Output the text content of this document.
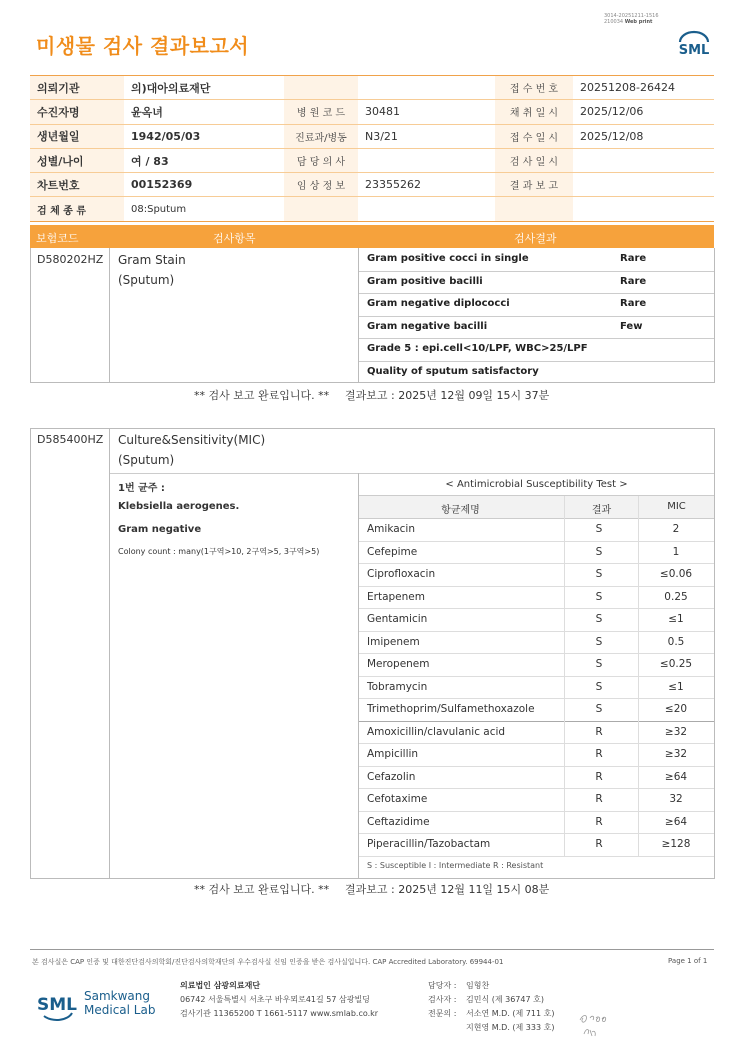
미생물 검사 결과보고서
3014-20251211-1516
210034 Web print
SML
의뢰기관	의)대아의료재단			접 수 번 호	20251208-26424
수진자명	윤옥녀	병 원 코 드	30481	채 취 일 시	2025/12/06
생년월일	1942/05/03	진료과/병동	N3/21	접 수 일 시	2025/12/08
성별/나이	여 / 83	담 당 의 사		검 사 일 시	
차트번호	00152369	임 상 정 보	23355262	결 과 보 고	
검 체 종 류	08:Sputum				
보험코드	검사항목	검사결과
D580202HZ Gram Stain
(Sputum)
Gram positive cocci in single	Rare
Gram positive bacilli	Rare
Gram negative diplococci	Rare
Gram negative bacilli	Few
Grade 5 : epi.cell<10/LPF, WBC>25/LPF
Quality of sputum satisfactory
** 검사 보고 완료입니다. ** 결과보고 : 2025년 12월 09일 15시 37분
D585400HZ Culture&Sensitivity(MIC)
(Sputum)
1번 균주 :
Klebsiella aerogenes.
Gram negative
Colony count : many(1구역>10, 2구역>5, 3구역>5)
< Antimicrobial Susceptibility Test >
항균제명	결과	MIC
Amikacin	S	2
Cefepime	S	1
Ciprofloxacin	S	≤0.06
Ertapenem	S	0.25
Gentamicin	S	≤1
Imipenem	S	0.5
Meropenem	S	≤0.25
Tobramycin	S	≤1
Trimethoprim/Sulfamethoxazole	S	≤20
Amoxicillin/clavulanic acid	R	≥32
Ampicillin	R	≥32
Cefazolin	R	≥64
Cefotaxime	R	32
Ceftazidime	R	≥64
Piperacillin/Tazobactam	R	≥128
S : Susceptible I : Intermediate R : Resistant
** 검사 보고 완료입니다. ** 결과보고 : 2025년 12월 11일 15시 08분
본 검사실은 CAP 인증 및 대한진단검사의학회/진단검사의학재단의 우수검사실 신임 인증을 받은 검사실입니다. CAP Accredited Laboratory. 69944-01	Page 1 of 1
SML Samkwang
Medical Lab
의료법인 삼광의료재단
06742 서울특별시 서초구 바우뫼로41길 57 삼광빌딩
검사기관 11365200 T 1661-5117 www.smlab.co.kr
담당자 : 임형찬
검사자 : 김민식 (제 36747 호)
전문의 : 서소연 M.D. (제 711 호)
지현영 M.D. (제 333 호)
